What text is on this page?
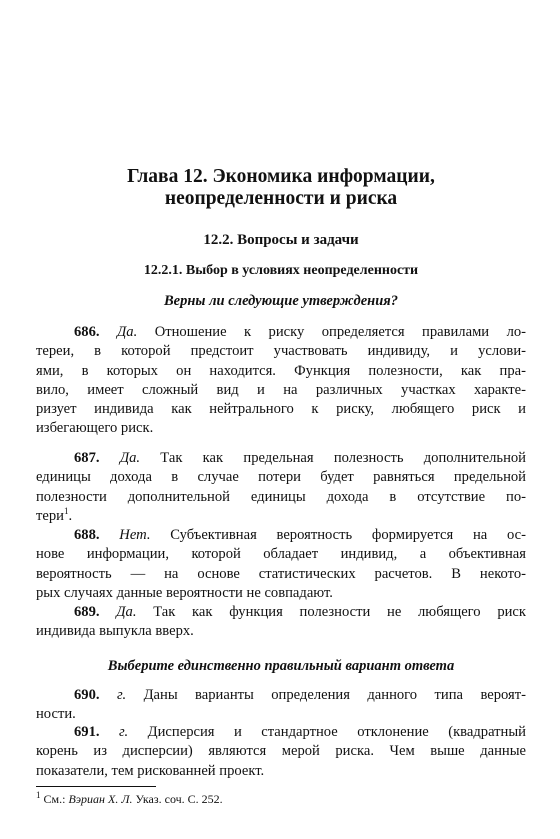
Глава 12. Экономика информации,
неопределенности и риска
12.2. Вопросы и задачи
12.2.1. Выбор в условиях неопределенности
Верны ли следующие утверждения?
686. Да. Отношение к риску определяется правилами ло-
тереи, в которой предстоит участвовать индивиду, и услови-
ями, в которых он находится. Функция полезности, как пра-
вило, имеет сложный вид и на различных участках характе-
ризует индивида как нейтрального к риску, любящего риск и
избегающего риск.
687. Да. Так как предельная полезность дополнительной
единицы дохода в случае потери будет равняться предельной
полезности дополнительной единицы дохода в отсутствие по-
тери$^1$.
688. Нет. Субъективная вероятность формируется на ос-
нове информации, которой обладает индивид, а объективная
вероятность — на основе статистических расчетов. В некото-
рых случаях данные вероятности не совпадают.
689. Да. Так как функция полезности не любящего риск
индивида выпукла вверх.
Выберите единственно правильный вариант ответа
690. г. Даны варианты определения данного типа вероят-
ности.
691. г. Дисперсия и стандартное отклонение (квадратный
корень из дисперсии) являются мерой риска. Чем выше данные
показатели, тем рискованней проект.
$^1$ См.: Вэриан Х. Л. Указ. соч. С. 252.
